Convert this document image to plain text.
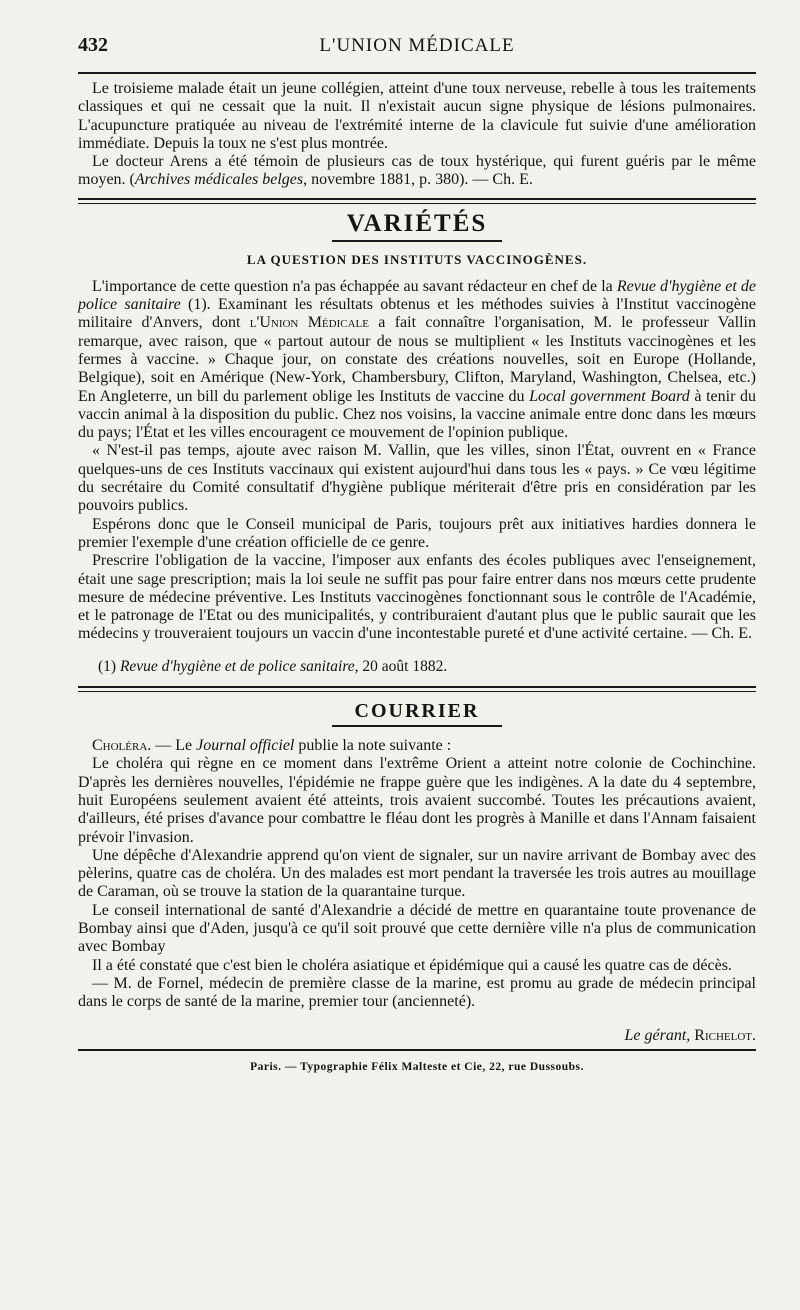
432	L'UNION MÉDICALE

Le troisieme malade était un jeune collégien, atteint d'une toux nerveuse, rebelle à tous les traitements classiques et qui ne cessait que la nuit. Il n'existait aucun signe physique de lésions pulmonaires. L'acupuncture pratiquée au niveau de l'extrémité interne de la clavicule fut suivie d'une amélioration immédiate. Depuis la toux ne s'est plus montrée.

Le docteur Arens a été témoin de plusieurs cas de toux hystérique, qui furent guéris par le même moyen. (Archives médicales belges, novembre 1881, p. 380). — Ch. E.

VARIÉTÉS
LA QUESTION DES INSTITUTS VACCINOGÈNES.

L'importance de cette question n'a pas échappée au savant rédacteur en chef de la Revue d'hygiène et de police sanitaire (1). Examinant les résultats obtenus et les méthodes suivies à l'Institut vaccinogène militaire d'Anvers, dont l'Union Médicale a fait connaître l'organisation, M. le professeur Vallin remarque, avec raison, que « partout autour de nous se multiplient « les Instituts vaccinogènes et les fermes à vaccine. » Chaque jour, on constate des créations nouvelles, soit en Europe (Hollande, Belgique), soit en Amérique (New-York, Chambersbury, Clifton, Maryland, Washington, Chelsea, etc.) En Angleterre, un bill du parlement oblige les Instituts de vaccine du Local government Board à tenir du vaccin animal à la disposition du public. Chez nos voisins, la vaccine animale entre donc dans les mœurs du pays; l'État et les villes encouragent ce mouvement de l'opinion publique.

« N'est-il pas temps, ajoute avec raison M. Vallin, que les villes, sinon l'État, ouvrent en « France quelques-uns de ces Instituts vaccinaux qui existent aujourd'hui dans tous les « pays. » Ce vœu légitime du secrétaire du Comité consultatif d'hygiène publique mériterait d'être pris en considération par les pouvoirs publics.

Espérons donc que le Conseil municipal de Paris, toujours prêt aux initiatives hardies donnera le premier l'exemple d'une création officielle de ce genre.

Prescrire l'obligation de la vaccine, l'imposer aux enfants des écoles publiques avec l'enseignement, était une sage prescription; mais la loi seule ne suffit pas pour faire entrer dans nos mœurs cette prudente mesure de médecine préventive. Les Instituts vaccinogènes fonctionnant sous le contrôle de l'Académie, et le patronage de l'Etat ou des municipalités, y contriburaient d'autant plus que le public saurait que les médecins y trouveraient toujours un vaccin d'une incontestable pureté et d'une activité certaine. — Ch. E.

(1) Revue d'hygiène et de police sanitaire, 20 août 1882.

COURRIER

Choléra. — Le Journal officiel publie la note suivante :

Le choléra qui règne en ce moment dans l'extrême Orient a atteint notre colonie de Cochinchine. D'après les dernières nouvelles, l'épidémie ne frappe guère que les indigènes. A la date du 4 septembre, huit Européens seulement avaient été atteints, trois avaient succombé. Toutes les précautions avaient, d'ailleurs, été prises d'avance pour combattre le fléau dont les progrès à Manille et dans l'Annam faisaient prévoir l'invasion.

Une dépêche d'Alexandrie apprend qu'on vient de signaler, sur un navire arrivant de Bombay avec des pèlerins, quatre cas de choléra. Un des malades est mort pendant la traversée les trois autres au mouillage de Caraman, où se trouve la station de la quarantaine turque.

Le conseil international de santé d'Alexandrie a décidé de mettre en quarantaine toute provenance de Bombay ainsi que d'Aden, jusqu'à ce qu'il soit prouvé que cette dernière ville n'a plus de communication avec Bombay

Il a été constaté que c'est bien le choléra asiatique et épidémique qui a causé les quatre cas de décès.

— M. de Fornel, médecin de première classe de la marine, est promu au grade de médecin principal dans le corps de santé de la marine, premier tour (ancienneté).

Le gérant, Richelot.
Paris. — Typographie Félix Malteste et Cie, 22, rue Dussoubs.
